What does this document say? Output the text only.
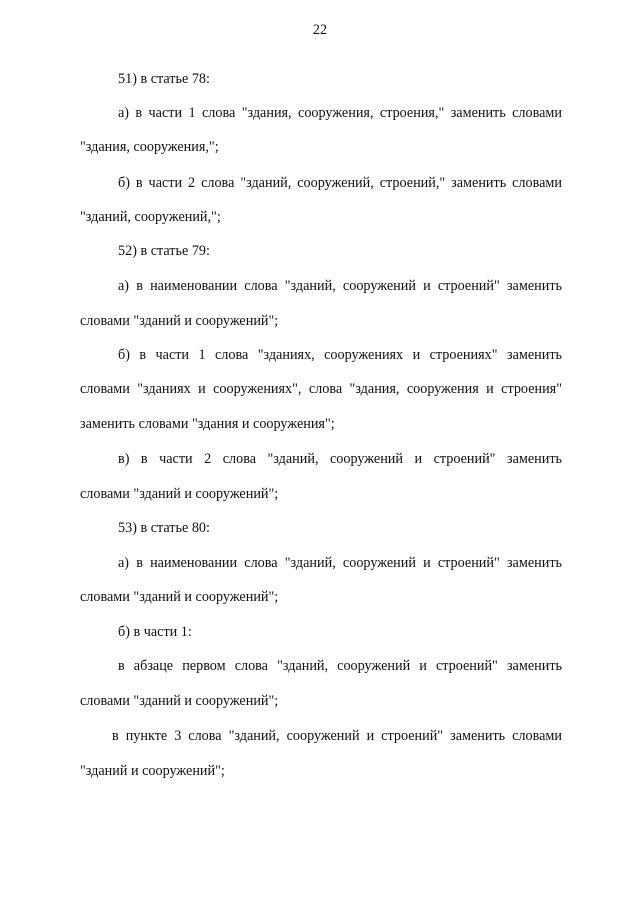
22
51) в статье 78:
а) в части 1 слова "здания, сооружения, строения," заменить словами
"здания, сооружения,";
б) в части 2 слова "зданий, сооружений, строений," заменить словами
"зданий, сооружений,";
52) в статье 79:
а) в наименовании слова "зданий, сооружений и строений" заменить
словами "зданий и сооружений";
б) в части 1 слова "зданиях, сооружениях и строениях" заменить
словами "зданиях и сооружениях", слова "здания, сооружения и строения"
заменить словами "здания и сооружения";
в) в части 2 слова "зданий, сооружений и строений" заменить
словами "зданий и сооружений";
53) в статье 80:
а) в наименовании слова "зданий, сооружений и строений" заменить
словами "зданий и сооружений";
б) в части 1:
в абзаце первом слова "зданий, сооружений и строений" заменить
словами "зданий и сооружений";
в пункте 3 слова "зданий, сооружений и строений" заменить словами
"зданий и сооружений";
